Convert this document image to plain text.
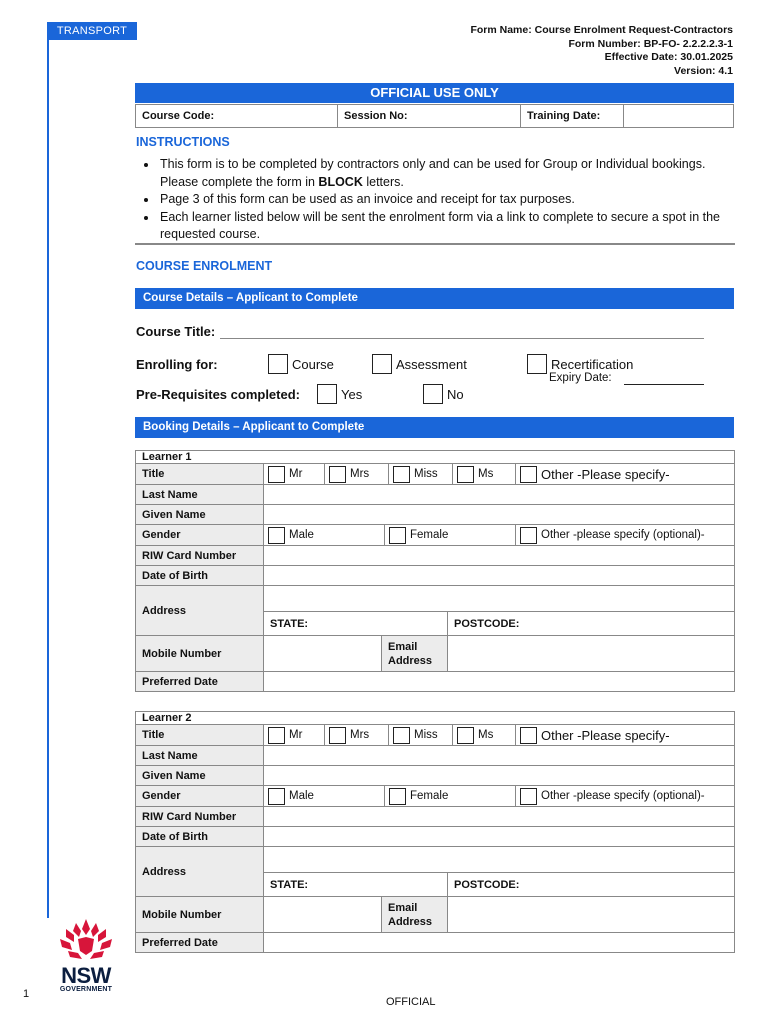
TRANSPORT	Form Name: Course Enrolment Request-Contractors
Form Number: BP-FO- 2.2.2.2.3-1
Effective Date: 30.01.2025
Version: 4.1
OFFICIAL USE ONLY
Course Code:	Session No:	Training Date:	
INSTRUCTIONS
• This form is to be completed by contractors only and can be used for Group or Individual bookings. Please complete the form in BLOCK letters.
• Page 3 of this form can be used as an invoice and receipt for tax purposes.
• Each learner listed below will be sent the enrolment form via a link to complete to secure a spot in the requested course.
COURSE ENROLMENT
Course Details – Applicant to Complete
Course Title:
Enrolling for:	Course	Assessment	Recertification
Expiry Date:
Pre-Requisites completed:	Yes	No
Booking Details – Applicant to Complete
Learner 1			
Title	Mr Mrs Miss Ms Other -Please specify-		

Last Name			
Given Name			
Gender	Male Female Other -please specify (optional)-		

RIW Card Number			
Date of Birth			
Address			
	STATE:		POSTCODE:
Mobile Number		Email
Address	
Preferred Date			
Learner 2			
Title	Mr Mrs Miss Ms Other -Please specify-		

Last Name			
Given Name			
Gender	Male Female Other -please specify (optional)-		

RIW Card Number			
Date of Birth			
Address			
	STATE:		POSTCODE:
Mobile Number		Email
Address	
Preferred Date			
NSW
GOVERNMENT
1
OFFICIAL
